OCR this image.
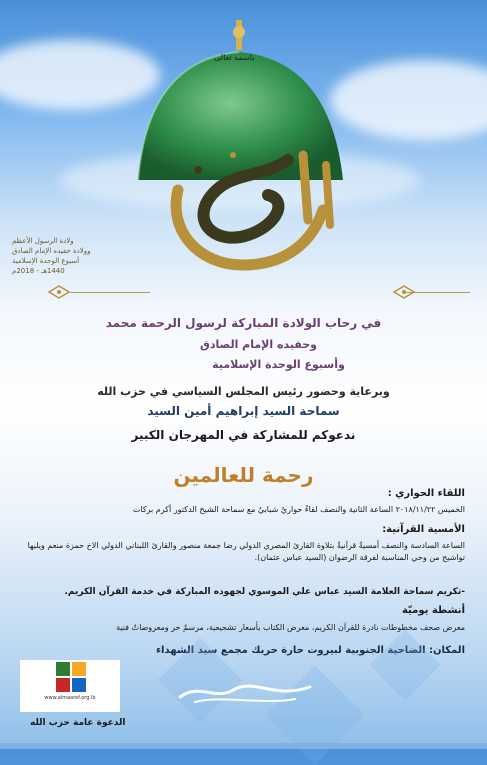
باسمه تعالى
ولادة الرسول الأعظم
وولادة حفيده الإمام الصادق
أسبوع الوحدة الإسلامية
1440هـ - 2018م
في رحاب الولادة المباركة لرسول الرحمة محمد
وحفيده الإمام الصادق
وأسبوع الوحدة الإسلامية
وبرعاية وحضور رئيس المجلس السياسي في حزب الله
سماحة السيد إبراهيم أمين السيد
ندعوكم للمشاركة في المهرجان الكبير
رحمة للعالمين
اللقاء الحواري :
الخميس ٢٠١٨/١١/٢٢ الساعة الثانية والنصف لقاءٌ حواريٌ شبابيٌ مع سماحة الشيخ الدكتور أكرم بركات
الأمسية القرآنية:
الساعة السادسة والنصف أمسيةٌ قرآنيةٌ بتلاوة القارئ المصري الدولي رضا جمعة منصور والقارئ اللبناني الدولي الاخ حمزة منعم ويليها تواشيح من وحي المناسبة لفرقة الرضوان (السيد عباس عثمان).
-تكريم سماحة العلامة السيد عباس علي الموسوي لجهوده المباركة في خدمة القرآن الكريم.
أنشطة يوميّة
معرض صحف مخطوطات نادرة للقرآن الكريم، معرض الكتاب بأسعار تشجيعية، مرسمٌ حر ومعروضاتٌ فنية
المكان: الضاحية الجنوبية لبيروت حارة حريك مجمع سيد الشهداء
www.almaaref.org.lb
الدعوة عامة حزب الله
